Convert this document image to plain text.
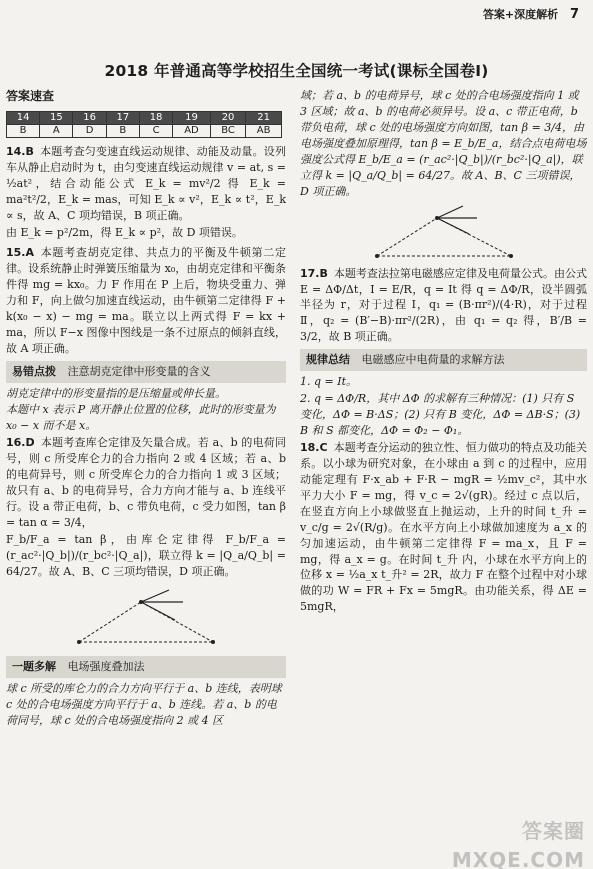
答案+深度解析 7
2018 年普通高等学校招生全国统一考试(课标全国卷Ⅰ)
答案速查
14	15	16	17	18	19	20	21
B	A	D	B	C	AD	BC	AB

14.B 本题考查匀变速直线运动规律、动能及动量。设列车从静止启动时为 t，由匀变速直线运动规律 v = at, s = ½at²，结合动能公式 E_k = mv²/2 得 E_k = ma²t²/2，E_k = mas，可知 E_k ∝ v²，E_k ∝ t²，E_k ∝ s，故 A、C 项均错误，B 项正确。

由 E_k = p²/2m，得 E_k ∝ p²，故 D 项错误。

15.A 本题考查胡克定律、共点力的平衡及牛顿第二定律。设系统静止时弹簧压缩量为 x₀，由胡克定律和平衡条件得 mg = kx₀。力 F 作用在 P 上后，物块受重力、弹力和 F，向上做匀加速直线运动，由牛顿第二定律得 F + k(x₀ − x) − mg = ma。联立以上两式得 F = kx + ma，所以 F−x 图像中图线是一条不过原点的倾斜直线，故 A 项正确。

易错点拨 注意胡克定律中形变量的含义

胡克定律中的形变量指的是压缩量或伸长量。

本题中 x 表示 P 离开静止位置的位移，此时的形变量为 x₀ − x 而不是 x。

16.D 本题考查库仑定律及矢量合成。若 a、b 的电荷同号，则 c 所受库仑力的合力指向 2 或 4 区域；若 a、b 的电荷异号，则 c 所受库仑力的合力指向 1 或 3 区域；故只有 a、b 的电荷异号，合力方向才能与 a、b 连线平行。设 a 带正电荷，b、c 带负电荷，c 受力如图，tan β = tan α = 3/4，

F_b/F_a = tan β，由库仑定律得 F_b/F_a = (r_ac²·|Q_b|)/(r_bc²·|Q_a|)，联立得 k = |Q_a/Q_b| = 64/27。故 A、B、C 三项均错误，D 项正确。

一题多解 电场强度叠加法

球 c 所受的库仑力的合力方向平行于 a、b 连线，表明球 c 处的合电场强度方向平行于 a、b 连线。若 a、b 的电荷同号，球 c 处的合电场强度指向 2 或 4 区

域；若 a、b 的电荷异号，球 c 处的合电场强度指向 1 或 3 区域；故 a、b 的电荷必须异号。设 a、c 带正电荷，b 带负电荷，球 c 处的电场强度方向如图，tan β = 3/4，由电场强度叠加原理得，tan β = E_b/E_a，结合点电荷电场强度公式得 E_b/E_a = (r_ac²·|Q_b|)/(r_bc²·|Q_a|)，联立得 k = |Q_a/Q_b| = 64/27。故 A、B、C 三项错误，D 项正确。

17.B 本题考查法拉第电磁感应定律及电荷量公式。由公式 E = ΔΦ/Δt，I = E/R，q = It 得 q = ΔΦ/R，设半圆弧半径为 r，对于过程 Ⅰ，q₁ = (B·πr²)/(4·R)，对于过程 Ⅱ，q₂ = (B′−B)·πr²/(2R)，由 q₁ = q₂ 得，B′/B = 3/2，故 B 项正确。

规律总结 电磁感应中电荷量的求解方法

1. q = It。

2. q = ΔΦ/R，其中 ΔΦ 的求解有三种情况：(1) 只有 S 变化，ΔΦ = B·ΔS；(2) 只有 B 变化，ΔΦ = ΔB·S；(3) B 和 S 都变化，ΔΦ = Φ₂ − Φ₁。

18.C 本题考查分运动的独立性、恒力做功的特点及功能关系。以小球为研究对象，在小球由 a 到 c 的过程中，应用动能定理有 F·x_ab + F·R − mgR = ½mv_c²，其中水平力大小 F = mg，得 v_c = 2√(gR)。经过 c 点以后，在竖直方向上小球做竖直上抛运动，上升的时间 t_升 = v_c/g = 2√(R/g)。在水平方向上小球做加速度为 a_x 的匀加速运动，由牛顿第二定律得 F = ma_x，且 F = mg，得 a_x = g。在时间 t_升 内，小球在水平方向上的位移 x = ½a_x t_升² = 2R，故力 F 在整个过程中对小球做的功 W = FR + Fx = 5mgR。由功能关系，得 ΔE = 5mgR，

答案圈 MXQE.COM
